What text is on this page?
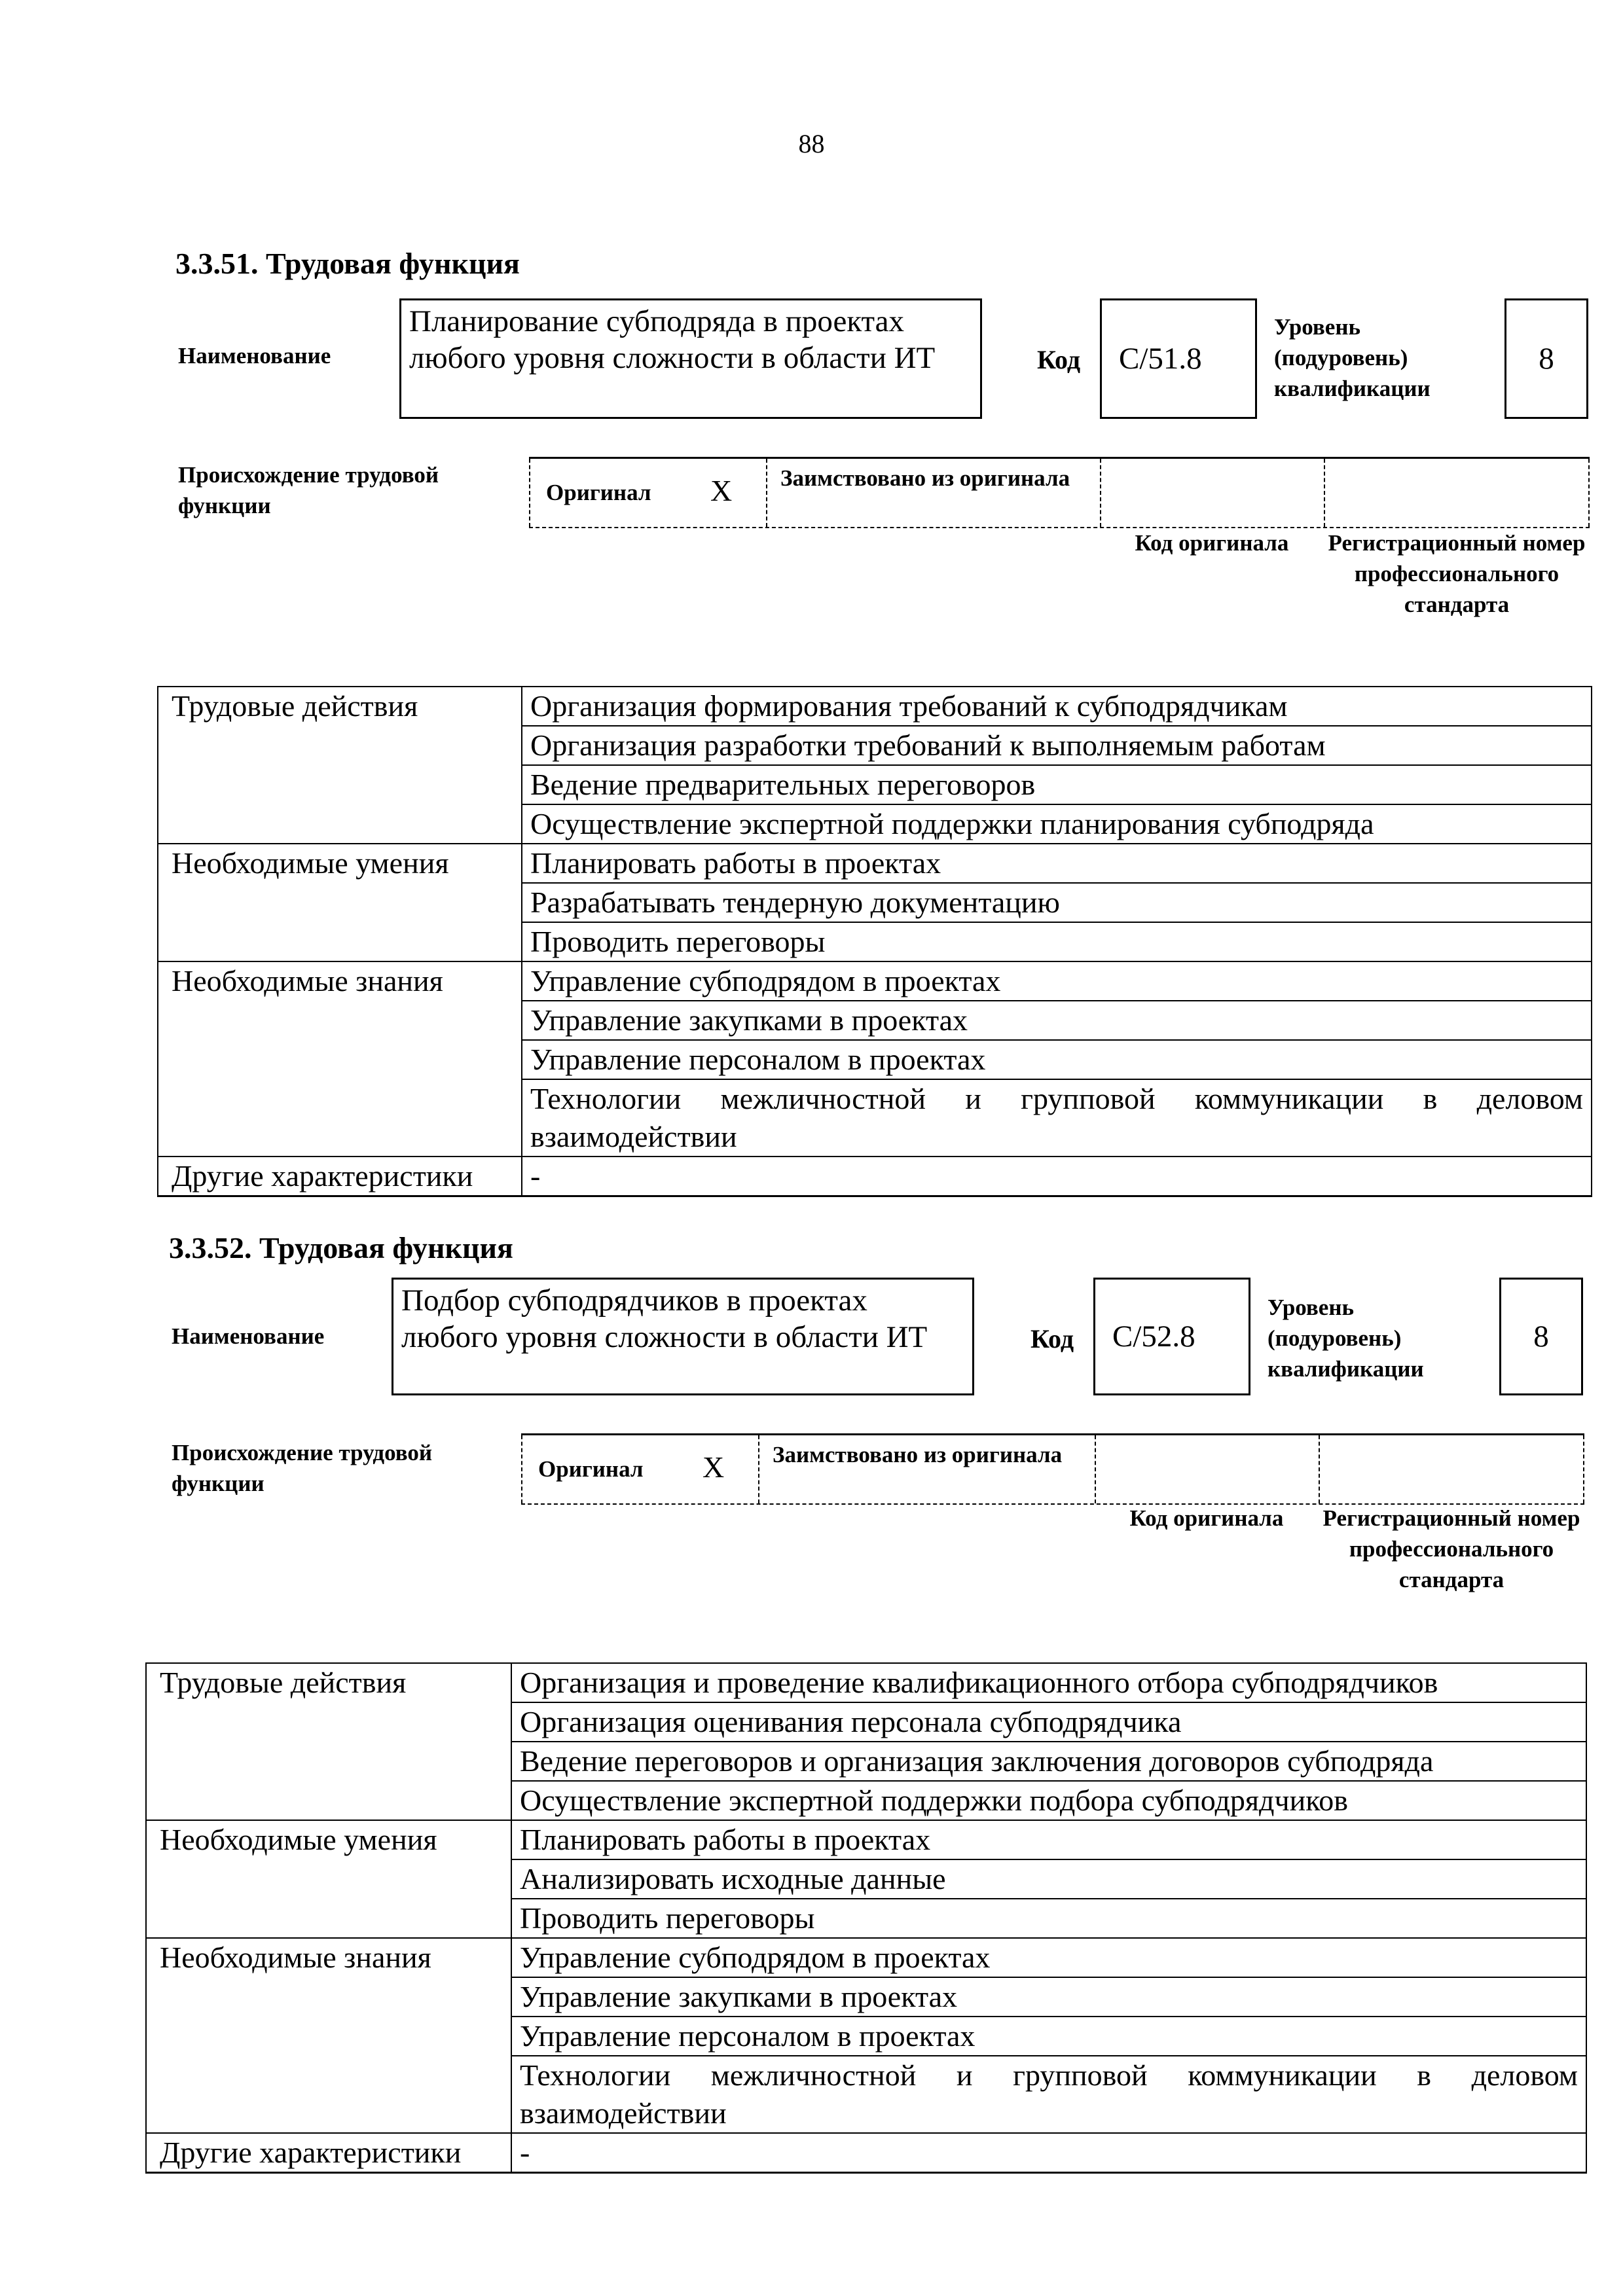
88
3.3.51. Трудовая функция
Наименование
Планирование субподряда в проектах любого уровня сложности в области ИТ	Код C/51.8
Уровень (подуровень) квалификации
8
Происхождение трудовой функции
Оригинал X	Заимствовано из оригинала
Код оригинала	Регистрационный номер профессионального стандарта
Трудовые действия	Организация формирования требований к субподрядчикам
	Организация разработки требований к выполняемым работам
	Ведение предварительных переговоров
	Осуществление экспертной поддержки планирования субподряда
Необходимые умения	Планировать работы в проектах
	Разрабатывать тендерную документацию
	Проводить переговоры
Необходимые знания	Управление субподрядом в проектах
	Управление закупками в проектах
	Управление персоналом в проектах
	Технологии межличностной и групповой коммуникации в деловом взаимодействии
Другие характеристики	-
3.3.52. Трудовая функция
Наименование
Подбор субподрядчиков в проектах любого уровня сложности в области ИТ	Код C/52.8
Уровень (подуровень) квалификации
8
Происхождение трудовой функции
Оригинал X	Заимствовано из оригинала
Код оригинала	Регистрационный номер профессионального стандарта
Трудовые действия	Организация и проведение квалификационного отбора субподрядчиков
	Организация оценивания персонала субподрядчика
	Ведение переговоров и организация заключения договоров субподряда
	Осуществление экспертной поддержки подбора субподрядчиков
Необходимые умения	Планировать работы в проектах
	Анализировать исходные данные
	Проводить переговоры
Необходимые знания	Управление субподрядом в проектах
	Управление закупками в проектах
	Управление персоналом в проектах
	Технологии межличностной и групповой коммуникации в деловом взаимодействии
Другие характеристики	-
